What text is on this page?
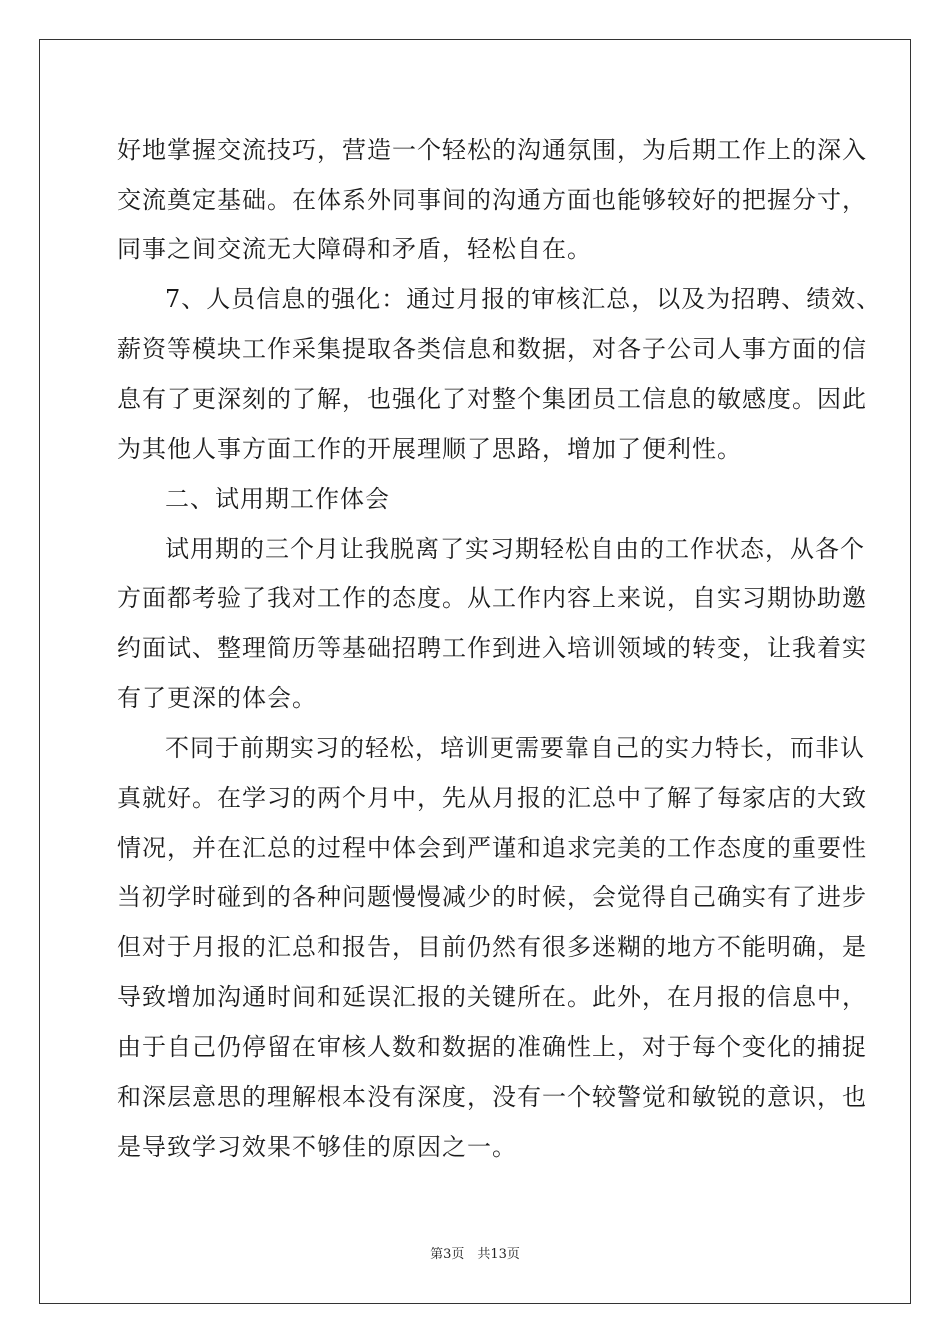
好地掌握交流技巧，营造一个轻松的沟通氛围，为后期工作上的深入
交流奠定基础。在体系外同事间的沟通方面也能够较好的把握分寸，
同事之间交流无大障碍和矛盾，轻松自在。
7、人员信息的强化：通过月报的审核汇总，以及为招聘、绩效、
薪资等模块工作采集提取各类信息和数据，对各子公司人事方面的信
息有了更深刻的了解，也强化了对整个集团员工信息的敏感度。因此
为其他人事方面工作的开展理顺了思路，增加了便利性。
二、试用期工作体会
试用期的三个月让我脱离了实习期轻松自由的工作状态，从各个
方面都考验了我对工作的态度。从工作内容上来说，自实习期协助邀
约面试、整理简历等基础招聘工作到进入培训领域的转变，让我着实
有了更深的体会。
不同于前期实习的轻松，培训更需要靠自己的实力特长，而非认
真就好。在学习的两个月中，先从月报的汇总中了解了每家店的大致
情况，并在汇总的过程中体会到严谨和追求完美的工作态度的重要性
当初学时碰到的各种问题慢慢减少的时候，会觉得自己确实有了进步
但对于月报的汇总和报告，目前仍然有很多迷糊的地方不能明确，是
导致增加沟通时间和延误汇报的关键所在。此外，在月报的信息中，
由于自己仍停留在审核人数和数据的准确性上，对于每个变化的捕捉
和深层意思的理解根本没有深度，没有一个较警觉和敏锐的意识，也
是导致学习效果不够佳的原因之一。
第3页　共13页
